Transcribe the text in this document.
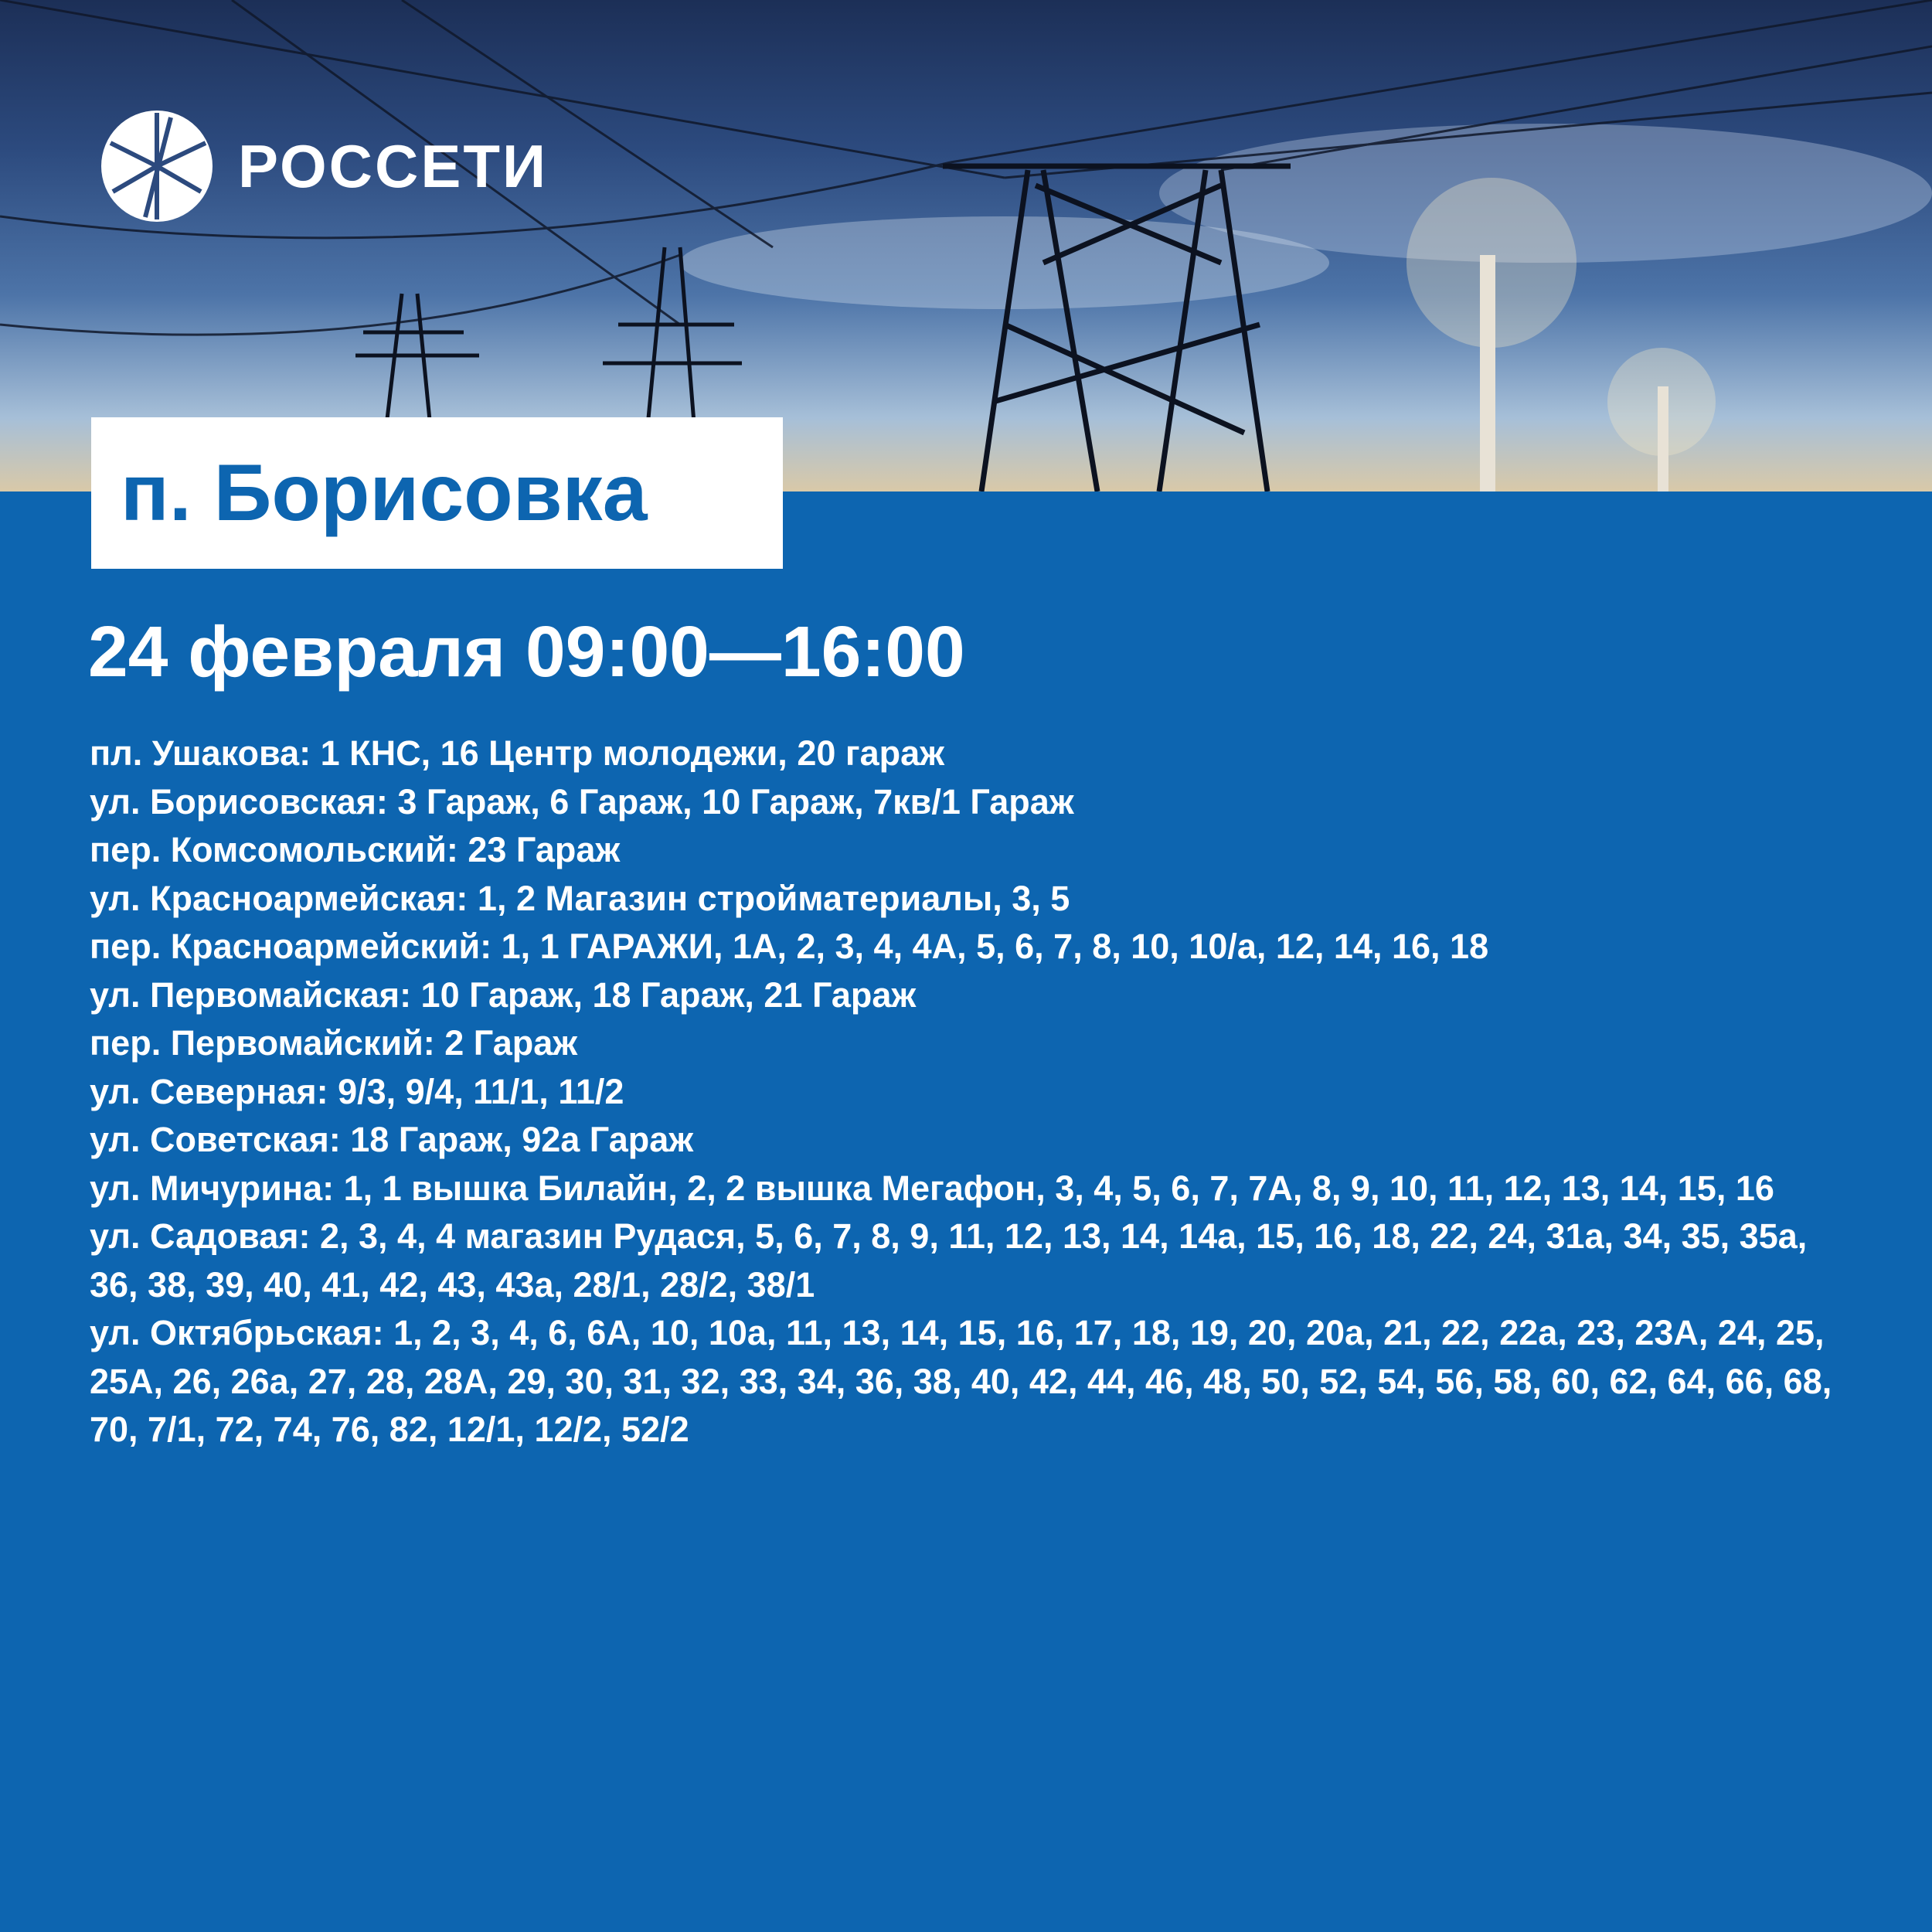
РОССЕТИ
п. Борисовка
24 февраля 09:00—16:00
пл. Ушакова: 1 КНС, 16 Центр молодежи, 20 гараж
ул. Борисовская: 3 Гараж, 6 Гараж, 10 Гараж, 7кв/1 Гараж
пер. Комсомольский: 23 Гараж
ул. Красноармейская: 1, 2 Магазин стройматериалы, 3, 5
пер. Красноармейский: 1, 1 ГАРАЖИ, 1А, 2, 3, 4, 4А, 5, 6, 7, 8, 10, 10/а, 12, 14, 16, 18
ул. Первомайская: 10 Гараж, 18 Гараж, 21 Гараж
пер. Первомайский: 2 Гараж
ул. Северная: 9/3, 9/4, 11/1, 11/2
ул. Советская: 18 Гараж, 92а Гараж
ул. Мичурина: 1, 1 вышка Билайн, 2, 2 вышка Мегафон, 3, 4, 5, 6, 7, 7А, 8, 9, 10, 11, 12, 13, 14, 15, 16
ул. Садовая: 2, 3, 4, 4 магазин Рудася, 5, 6, 7, 8, 9, 11, 12, 13, 14, 14а, 15, 16, 18, 22, 24, 31а, 34, 35, 35а, 36, 38, 39, 40, 41, 42, 43, 43а, 28/1, 28/2, 38/1
ул. Октябрьская: 1, 2, 3, 4, 6, 6А, 10, 10а, 11, 13, 14, 15, 16, 17, 18, 19, 20, 20а, 21, 22, 22а, 23, 23А, 24, 25, 25А, 26, 26а, 27, 28, 28А, 29, 30, 31, 32, 33, 34, 36, 38, 40, 42, 44, 46, 48, 50, 52, 54, 56, 58, 60, 62, 64, 66, 68, 70, 7/1, 72, 74, 76, 82, 12/1, 12/2, 52/2
